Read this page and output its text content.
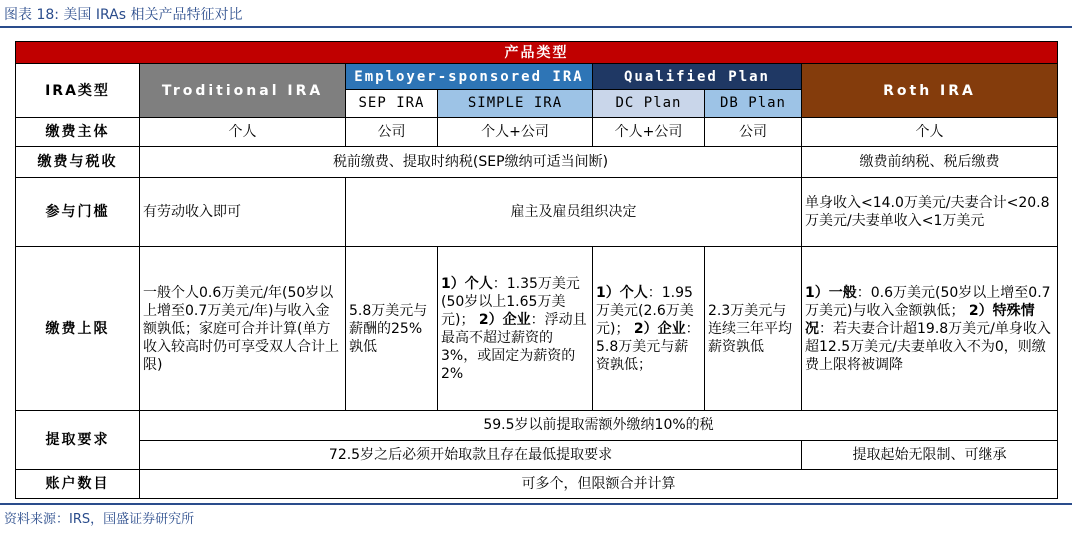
图表 18: 美国 IRAs 相关产品特征对比
产品类型						
IRA类型	Troditional IRA	Employer-sponsored IRA		Qualified Plan		Roth IRA
		SEP IRA	SIMPLE IRA	DC Plan	DB Plan	
缴费主体	个人	公司	个人+公司	个人+公司	公司	个人
缴费与税收	税前缴费、提取时纳税(SEP缴纳可适当间断)					缴费前纳税、税后缴费
参与门槛	有劳动收入即可	雇主及雇员组织决定				单身收入<14.0万美元/夫妻合计<20.8 万美元/夫妻单收入<1万美元
缴费上限	一般个人0.6万美元/年(50岁以上增至0.7万美元/年)与收入金额孰低；家庭可合并计算(单方收入较高时仍可享受双人合计上限)	5.8万美元与薪酬的25%孰低	1）个人：1.35万美元(50岁以上1.65万美元)； 2）企业：浮动且最高不超过薪资的3%，或固定为薪资的2%	1）个人：1.95万美元(2.6万美元)； 2）企业：5.8万美元与薪资孰低；	2.3万美元与连续三年平均薪资孰低	1）一般：0.6万美元(50岁以上增至0.7万美元)与收入金额孰低； 2）特殊情况：若夫妻合计超19.8万美元/单身收入超12.5万美元/夫妻单收入不为0，则缴费上限将被调降
提取要求	59.5岁以前提取需额外缴纳10%的税					
	72.5岁之后必须开始取款且存在最低提取要求					提取起始无限制、可继承
账户数目	可多个，但限额合并计算					
资料来源：IRS，国盛证券研究所
